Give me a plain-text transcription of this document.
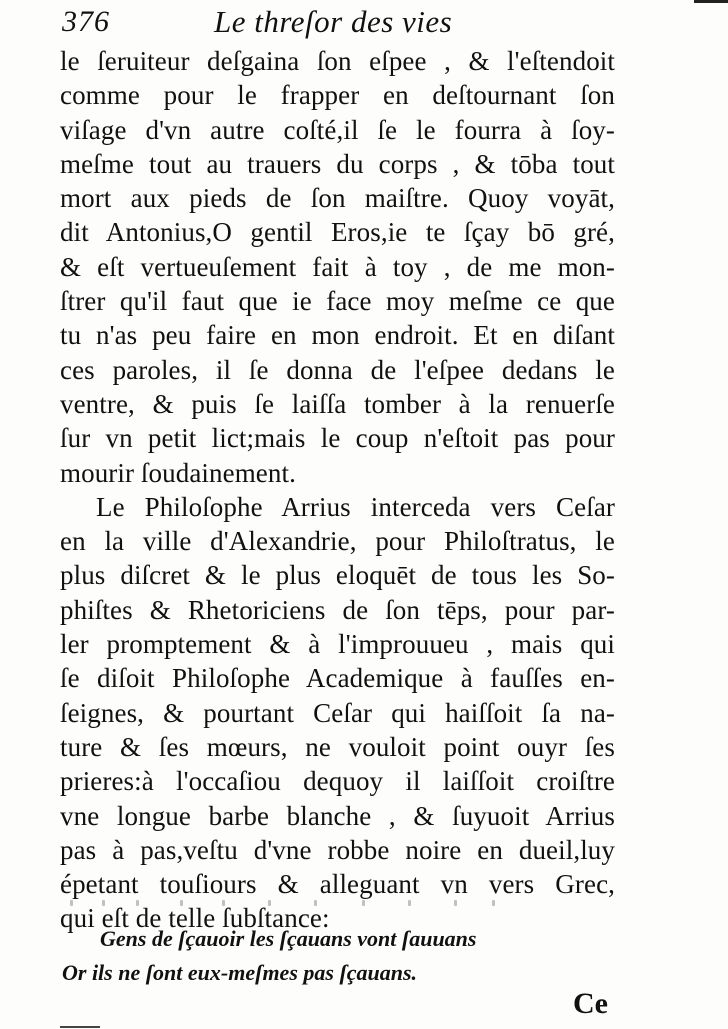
376	Le threſor des vies
le ſeruiteur deſgaina ſon eſpee , & l'eſtendoit
comme pour le frapper en deſtournant ſon
viſage d'vn autre coſté,il ſe le fourra à ſoy-
meſme tout au trauers du corps , & tōba tout
mort aux pieds de ſon maiſtre. Quoy voyāt,
dit Antonius,O gentil Eros,ie te ſçay bō gré,
& eſt vertueuſement fait à toy , de me mon-
ſtrer qu'il faut que ie face moy meſme ce que
tu n'as peu faire en mon endroit. Et en diſant
ces paroles, il ſe donna de l'eſpee dedans le
ventre, & puis ſe laiſſa tomber à la renuerſe
ſur vn petit lict;mais le coup n'eſtoit pas pour
mourir ſoudainement.
Le Philoſophe Arrius interceda vers Ceſar
en la ville d'Alexandrie, pour Philoſtratus, le
plus diſcret & le plus eloquēt de tous les So-
phiſtes & Rhetoriciens de ſon tēps, pour par-
ler promptement & à l'improuueu , mais qui
ſe diſoit Philoſophe Academique à fauſſes en-
ſeignes, & pourtant Ceſar qui haiſſoit ſa na-
ture & ſes mœurs, ne vouloit point ouyr ſes
prieres:à l'occaſiou dequoy il laiſſoit croiſtre
vne longue barbe blanche , & ſuyuoit Arrius
pas à pas,veſtu d'vne robbe noire en dueil,luy
épetant touſiours & alleguant vn vers Grec,
qui eſt de telle ſubſtance:
Gens de ſçauoir les ſçauans vont ſauuans
Or ils ne ſont eux-meſmes pas ſçauans.
Ce
